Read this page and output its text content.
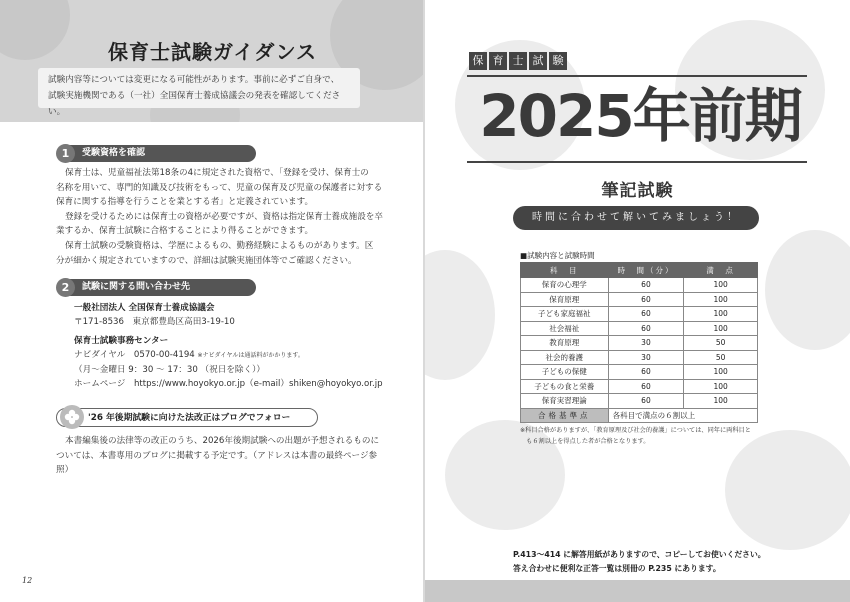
保育士試験ガイダンス
試験内容等については変更になる可能性があります。事前に必ずご自身で、
試験実施機関である（一社）全国保育士養成協議会の発表を確認してください。
1	受験資格を確認

保育士は、児童福祉法第18条の4に規定された資格で、「登録を受け、保育士の

名称を用いて、専門的知識及び技術をもって、児童の保育及び児童の保護者に対する
保育に関する指導を行うことを業とする者」と定義されています。

登録を受けるためには保育士の資格が必要ですが、資格は指定保育士養成施設を卒

業するか、保育士試験に合格することにより得ることができます。

保育士試験の受験資格は、学歴によるもの、勤務経験によるものがあります。区

分が細かく規定されていますので、詳細は試験実施団体等でご確認ください。
2	試験に関する問い合わせ先
一般社団法人 全国保育士養成協議会
〒171-8536　東京都豊島区高田3-19-10
保育士試験事務センター
ナビダイヤル　0570-00-4194 ※ナビダイヤルは通話料がかかります。
（月～金曜日 9：30 ～ 17：30 （祝日を除く））
ホームページ　https://www.hoyokyo.or.jp（e-mail）shiken@hoyokyo.or.jp
'26 年後期試験に向けた法改正はブログでフォロー

本書編集後の法律等の改正のうち、2026年後期試験への出題が予想されるものに

ついては、本書専用のブログに掲載する予定です。（アドレスは本書の最終ページ参照）
12
保 育 士 試 験
2025年前期
筆記試験
時間に合わせて解いてみましょう！
■試験内容と試験時間
科　目	時　間（分）	満　点
保育の心理学	60	100
保育原理	60	100
子ども家庭福祉	60	100
社会福祉	60	100
教育原理	30	50
社会的養護	30	50
子どもの保健	60	100
子どもの食と栄養	60	100
保育実習理論	60	100
合格基準点	各科目で満点の６割以上	
※科目合格がありますが、「教育原理及び社会的養護」については、同年に両科目と
　も６割以上を得点した者が合格となります。
P.413～414 に解答用紙がありますので、コピーしてお使いください。
答え合わせに便利な正答一覧は別冊の P.235 にあります。
